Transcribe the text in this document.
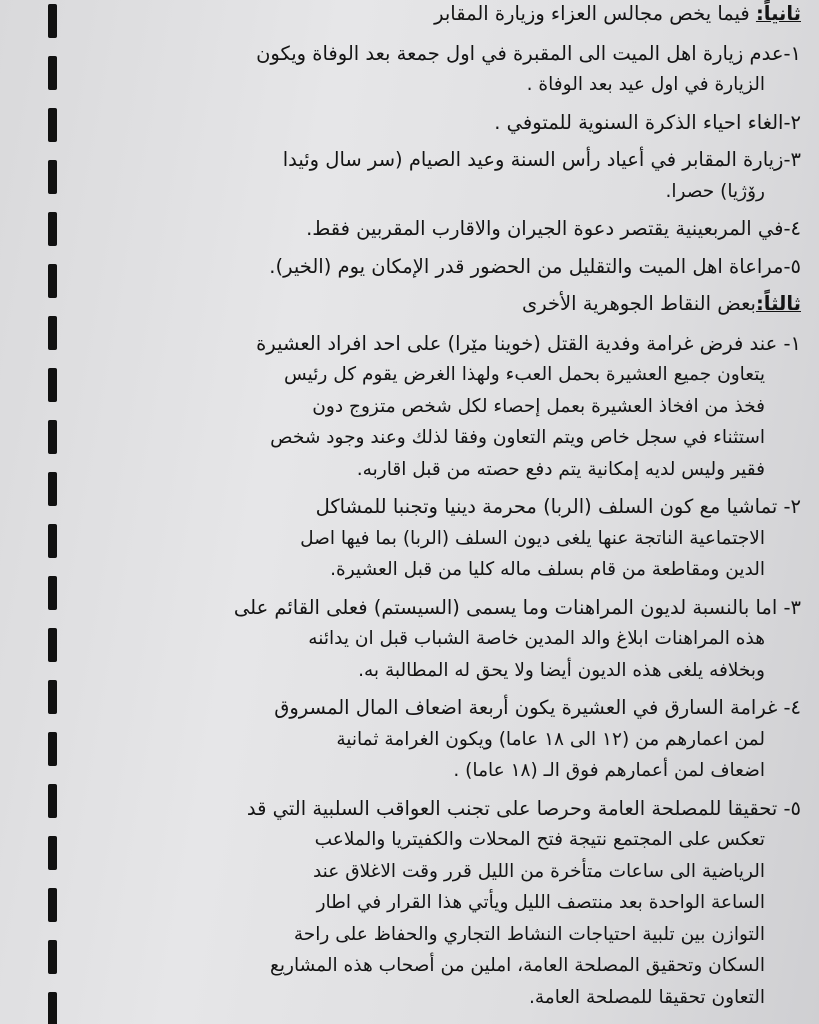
ثانياً: فيما يخص مجالس العزاء وزيارة المقابر
١-عدم زيارة اهل الميت الى المقبرة في اول جمعة بعد الوفاة ويكون
الزيارة في اول عيد بعد الوفاة .
٢-الغاء احياء الذكرة السنوية للمتوفي .
٣-زيارة المقابر في أعياد رأس السنة وعيد الصيام (سر سال وئيدا
رۆژيا) حصرا.
٤-في المربعينية يقتصر دعوة الجيران والاقارب المقربين فقط.
٥-مراعاة اهل الميت والتقليل من الحضور قدر الإمكان يوم (الخير).
ثالثاً:بعض النقاط الجوهرية الأخرى
١- عند فرض غرامة وفدية القتل (خوينا مێرا) على احد افراد العشيرة
يتعاون جميع العشيرة بحمل العبء ولهذا الغرض يقوم كل رئيس
فخذ من افخاذ العشيرة بعمل إحصاء لكل شخص متزوج دون
استثناء في سجل خاص ويتم التعاون وفقا لذلك وعند وجود شخص
فقير وليس لديه إمكانية يتم دفع حصته من قبل اقاربه.
٢- تماشيا مع كون السلف (الربا) محرمة دينيا وتجنبا للمشاكل
الاجتماعية الناتجة عنها يلغى ديون السلف (الربا) بما فيها اصل
الدين ومقاطعة من قام بسلف ماله كليا من قبل العشيرة.
٣- اما بالنسبة لديون المراهنات وما يسمى (السيستم) فعلى القائم على
هذه المراهنات ابلاغ والد المدين خاصة الشباب قبل ان يدائنه
وبخلافه يلغى هذه الديون أيضا ولا يحق له المطالبة به.
٤- غرامة السارق في العشيرة يكون أربعة اضعاف المال المسروق
لمن اعمارهم من (١٢ الى ١٨ عاما) ويكون الغرامة ثمانية
اضعاف لمن أعمارهم فوق الـ (١٨ عاما) .
٥- تحقيقا للمصلحة العامة وحرصا على تجنب العواقب السلبية التي قد
تعكس على المجتمع نتيجة فتح المحلات والكفيتريا والملاعب
الرياضية الى ساعات متأخرة من الليل قرر وقت الاغلاق عند
الساعة الواحدة بعد منتصف الليل ويأتي هذا القرار في اطار
التوازن بين تلبية احتياجات النشاط التجاري والحفاظ على راحة
السكان وتحقيق المصلحة العامة، املين من أصحاب هذه المشاريع
التعاون تحقيقا للمصلحة العامة.
